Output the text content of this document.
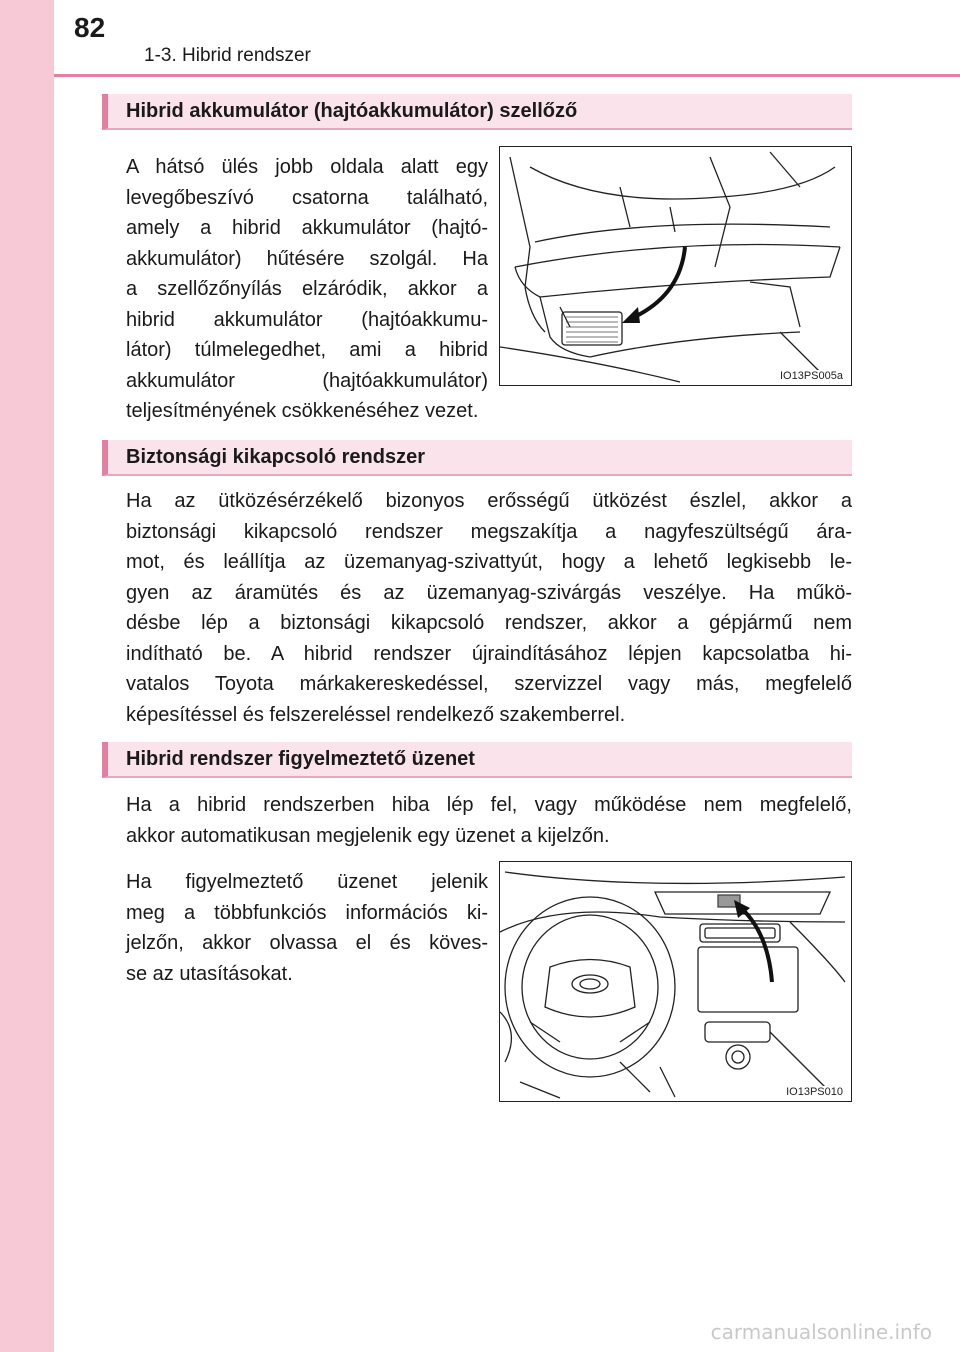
82
1-3. Hibrid rendszer
Hibrid akkumulátor (hajtóakkumulátor) szellőző
A hátsó ülés jobb oldala alatt egy
levegőbeszívó csatorna található,
amely a hibrid akkumulátor (hajtó-
akkumulátor) hűtésére szolgál. Ha
a szellőzőnyílás elzáródik, akkor a
hibrid akkumulátor (hajtóakkumu-
látor) túlmelegedhet, ami a hibrid
akkumulátor (hajtóakkumulátor)
teljesítményének csökkenéséhez vezet.
IO13PS005a
Biztonsági kikapcsoló rendszer
Ha az ütközésérzékelő bizonyos erősségű ütközést észlel, akkor a
biztonsági kikapcsoló rendszer megszakítja a nagyfeszültségű ára-
mot, és leállítja az üzemanyag-szivattyút, hogy a lehető legkisebb le-
gyen az áramütés és az üzemanyag-szivárgás veszélye. Ha műkö-
désbe lép a biztonsági kikapcsoló rendszer, akkor a gépjármű nem
indítható be. A hibrid rendszer újraindításához lépjen kapcsolatba hi-
vatalos Toyota márkakereskedéssel, szervizzel vagy más, megfelelő
képesítéssel és felszereléssel rendelkező szakemberrel.
Hibrid rendszer figyelmeztető üzenet
Ha a hibrid rendszerben hiba lép fel, vagy működése nem megfelelő,
akkor automatikusan megjelenik egy üzenet a kijelzőn.
Ha figyelmeztető üzenet jelenik
meg a többfunkciós információs ki-
jelzőn, akkor olvassa el és köves-
se az utasításokat.
IO13PS010
carmanualsonline.info
